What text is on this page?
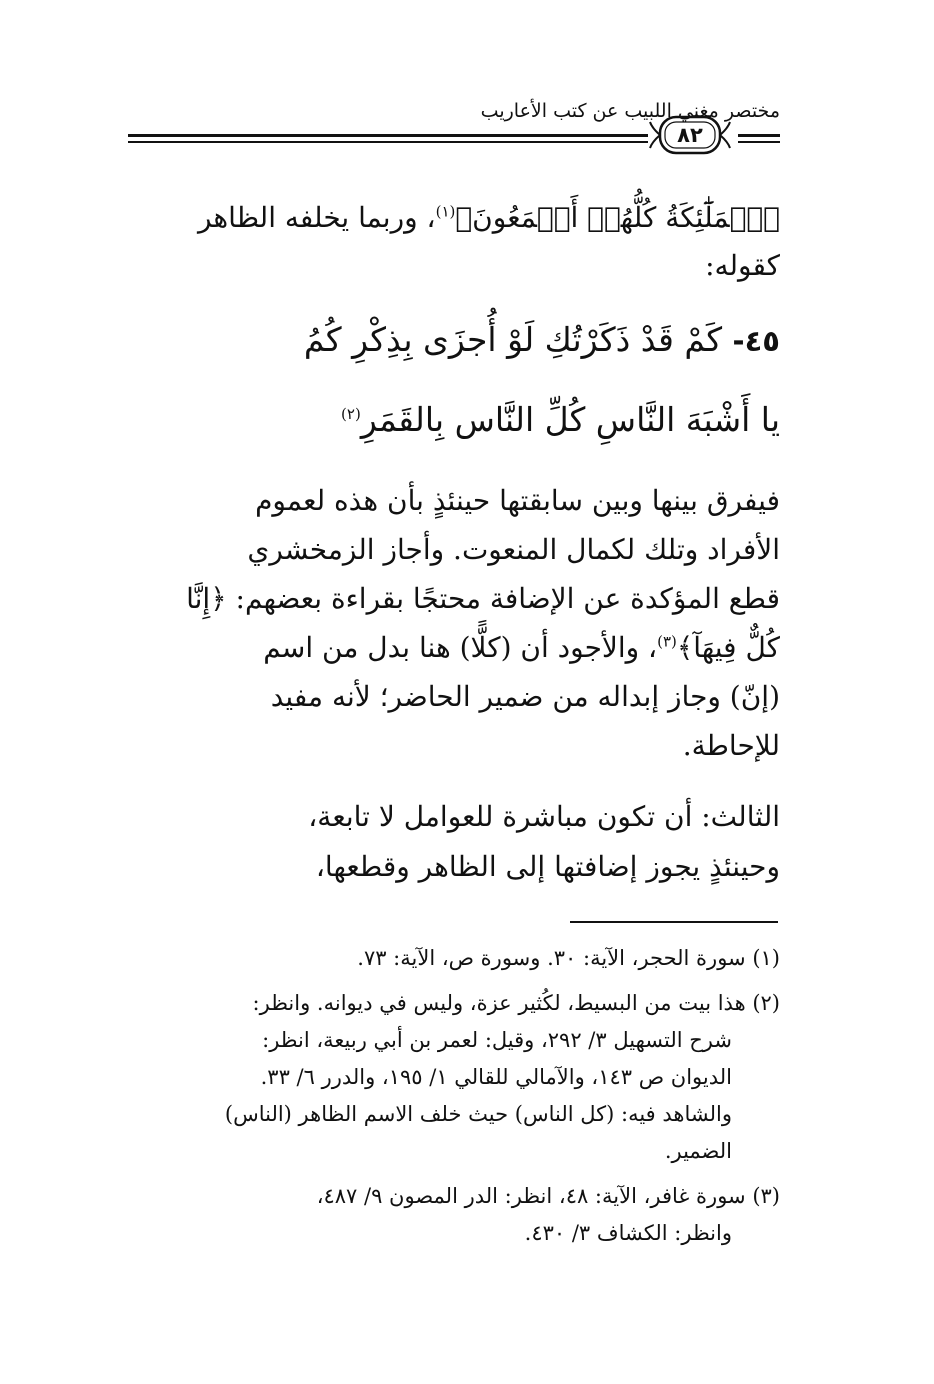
مختصر مغني اللبيب عن كتب الأعاريب
٨٢
ﭐلۡمَلَٰٓئِكَةُ كُلُّهُمۡ أَجۡمَعُونَ﴾$^{(١)}$، وربما يخلفه الظاهر
كقوله:
٤٥- كَمْ قَدْ ذَكَرْتُكِ لَوْ أُجزَى بِذِكْرِ كُمُ
يا أَشْبَهَ النَّاسِ كُلِّ النَّاس بِالقَمَرِ$^{(٢)}$
فيفرق بينها وبين سابقتها حينئذٍ بأن هذه لعموم
الأفراد وتلك لكمال المنعوت. وأجاز الزمخشري
قطع المؤكدة عن الإضافة محتجًا بقراءة بعضهم: ﴿إِنَّا
كُلٌّ فِيهَآ﴾$^{(٣)}$، والأجود أن (كلًّا) هنا بدل من اسم
(إنّ) وجاز إبداله من ضمير الحاضر؛ لأنه مفيد
للإحاطة.
الثالث: أن تكون مباشرة للعوامل لا تابعة،
وحينئذٍ يجوز إضافتها إلى الظاهر وقطعها،
(١) سورة الحجر، الآية: ٣٠. وسورة ص، الآية: ٧٣.
(٢) هذا بيت من البسيط، لكُثير عزة، وليس في ديوانه. وانظر:
شرح التسهيل ٣/ ٢٩٢، وقيل: لعمر بن أبي ربيعة، انظر:
الديوان ص ١٤٣، والآمالي للقالي ١/ ١٩٥، والدرر ٦/ ٣٣.
والشاهد فيه: (كل الناس) حيث خلف الاسم الظاهر (الناس)
الضمير.
(٣) سورة غافر، الآية: ٤٨، انظر: الدر المصون ٩/ ٤٨٧،
وانظر: الكشاف ٣/ ٤٣٠.
